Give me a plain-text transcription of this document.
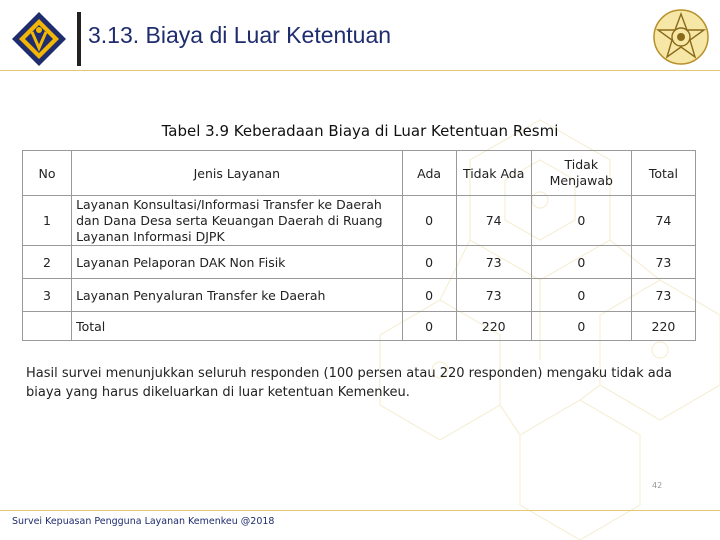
3.13. Biaya di Luar Ketentuan
Tabel 3.9 Keberadaan Biaya di Luar Ketentuan Resmi
No	Jenis Layanan	Ada	Tidak Ada	Tidak Menjawab	Total
1	Layanan Konsultasi/Informasi Transfer ke Daerah dan Dana Desa serta Keuangan Daerah di Ruang Layanan Informasi DJPK	0	74	0	74
2	Layanan Pelaporan DAK Non Fisik	0	73	0	73
3	Layanan Penyaluran Transfer ke Daerah	0	73	0	73
	Total	0	220	0	220
Hasil survei menunjukkan seluruh responden (100 persen atau 220 responden) mengaku tidak ada biaya yang harus dikeluarkan di luar ketentuan Kemenkeu.
42
Survei Kepuasan Pengguna Layanan Kemenkeu @2018
